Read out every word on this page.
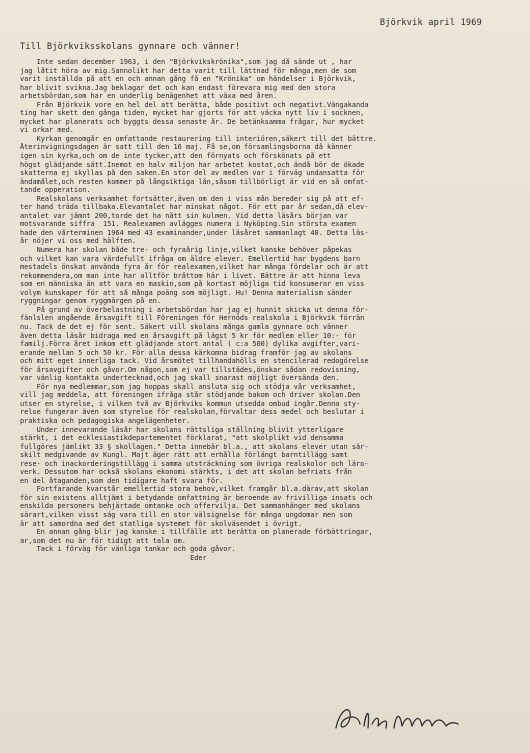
Björkvik april 1969
Till Björkviksskolans gynnare och vänner!
Inte sedan december 1963, i den "Björkvikskrönika",som jag då sände ut , har
jag låtit höra av mig.Sannolikt har detta varit till lättnad för många,men de som
varit inställda på att en och annan gång få en "Krönika" om händelser i Björkvik,
har blivit svikna.Jag beklagar det och kan endast förevara mig med den stora
arbetsbördan,som har en underlig benägenhet att växa med åren.
Från Björkvik vore en hel del att berätta, både positivt och negativt.Vängakanda
ting har skett den gånga tiden, mycket har gjorts för att väcka nytt liv i socknen,
mycket har planerats och byggts dessa senaste år. De betänksamma frågar, hur mycket
vi orkar med.
Kyrkan genomgår en omfattande restaurering till interiören,säkert till det bättre.
Återinvigningsdagen är satt till den 16 maj. Få se,om församlingsborna då känner
igen sin kyrka,och om de inte tycker,att den förnyats och förskönats på ett
högst glädjande sätt.Inemot en halv miljon har arbetet kostat,och ändå bör de ökade
skatterna ej skyllas på den saken.En stor del av medlen var i förväg undansatta för
ändamålet,och resten kommer på långsiktiga lån,såsom tillbörligt är vid en så omfat-
tande opperation.
Realskolans verksamhet fortsätter,även om den i viss mån bereder sig på att ef-
ter hand träda tillbaka.Elevantalet har minskat något. För ett par år sedan,då elev-
antalet var jämnt 200,torde det ha nått sin kulmen. Vid detta läsårs början var
motsvarande siffra  151. Realexamen avlägges numera i Nyköping.Sin största examen
hade den vårterminen 1964 med 43 examinander,under läsåret sammanlagt 48. Detta läs-
år nöjer vi oss med hälften.
Numera har skolan både tre- och fyraårig linje,vilket kanske behöver påpekas
och vilket kan vara värdefullt ifråga om äldre elever. Emellertid har bygdens barn
mestadels önskat använda fyra år för realexamen,vilket har många fördelar och är att
rekommendera,om man inte har alltför bråttom här i livet. Bättre är att hinna leva
som en människa än att vara en maskin,som på kortast möjliga tid konsumerar en viss
volym kunskaper för att så många poäng som möjligt. Hu! Denna materialism sänder
ryggningar genom ryggmärgen på en.
På grund av överbelastning i arbetsbördan har jag ej hunnit skicka ut denna för-
fänlslen angående årsavgift till Föreningen för Hernöds realskola i Björkvik förrän
nu. Tack de det ej för sent. Säkert vill skolans många gamla gynnare och vänner
även detta läsår bidraga med en årsavgift på lägst 5 kr för medlem eller 10:- för
familj.Förra året inkom ett glädjande stort antal ( c:a 500) dylika avgifter,vari-
erande mellan 5 och 50 kr. För alla dessa kärkomna bidrag framför jag av skolans
och mitt eget innerliga tack. Vid årsmötet tillhandahölls en stencilerad redogörelse
för årsavgifter och gåvor.Om någon,som ej var tillstädes,önskar sådan redovisning,
var vänlig kontakta undertecknad,och jag skall snarast möjligt översända den.
För nya medlemmar,som jag hoppas skall ansluta sig och stödja vår verksamhet,
vill jag meddela, att föreningen ifråga står stödjande bakom och driver skolan.Den
utser en styrelse, i vilken två av Björkviks kommun utsedda ombud ingår.Denna sty-
relse fungerar även som styrelse för realskolan,förvaltar dess medel och beslutar i
praktiska och pedagogiska angelägenheter.
Under innevarande läsår har skolans rättsliga ställning blivit ytterligare
stärkt, i det ecklesiastikdepartementet förklarat, "att skolplikt vid densamma
fullgöres jämlikt 33 § skollagen." Detta innebär bl.a., att skolans elever utan sär-
skilt medgivande av Kungl. Majt äger rätt att erhålla förlängt barntillägg samt
rese- och inackorderingstillägg i samma utsträckning som övriga realskolor och läro-
verk. Dessutom har också skolans ekonomi stärkts, i det att skolan befriats från
en del åtaganden,som den tidigare haft svara för.
Fortfarande kvarstår emellertid stora behov,vilket framgår bl.a.därav,att skolan
för sin existens alltjämt i betydande omfattning är beroende av frivilliga insats och
enskilda personers behjärtade omtanke och offervilja. Det sammanhänger med skolans
särart,vilken visst ság vara till en stor välsignelse för många ungdomar men som
är att samordna med det statliga systemet för skolväsendet i övrigt.
En annan gång blir jag kanske i tillfälle att berätta om planerade förbättringar,
ar,som det nu är för tidigt att tala om.
Tack i förväg för vänliga tankar och goda gåvor.
Eder
